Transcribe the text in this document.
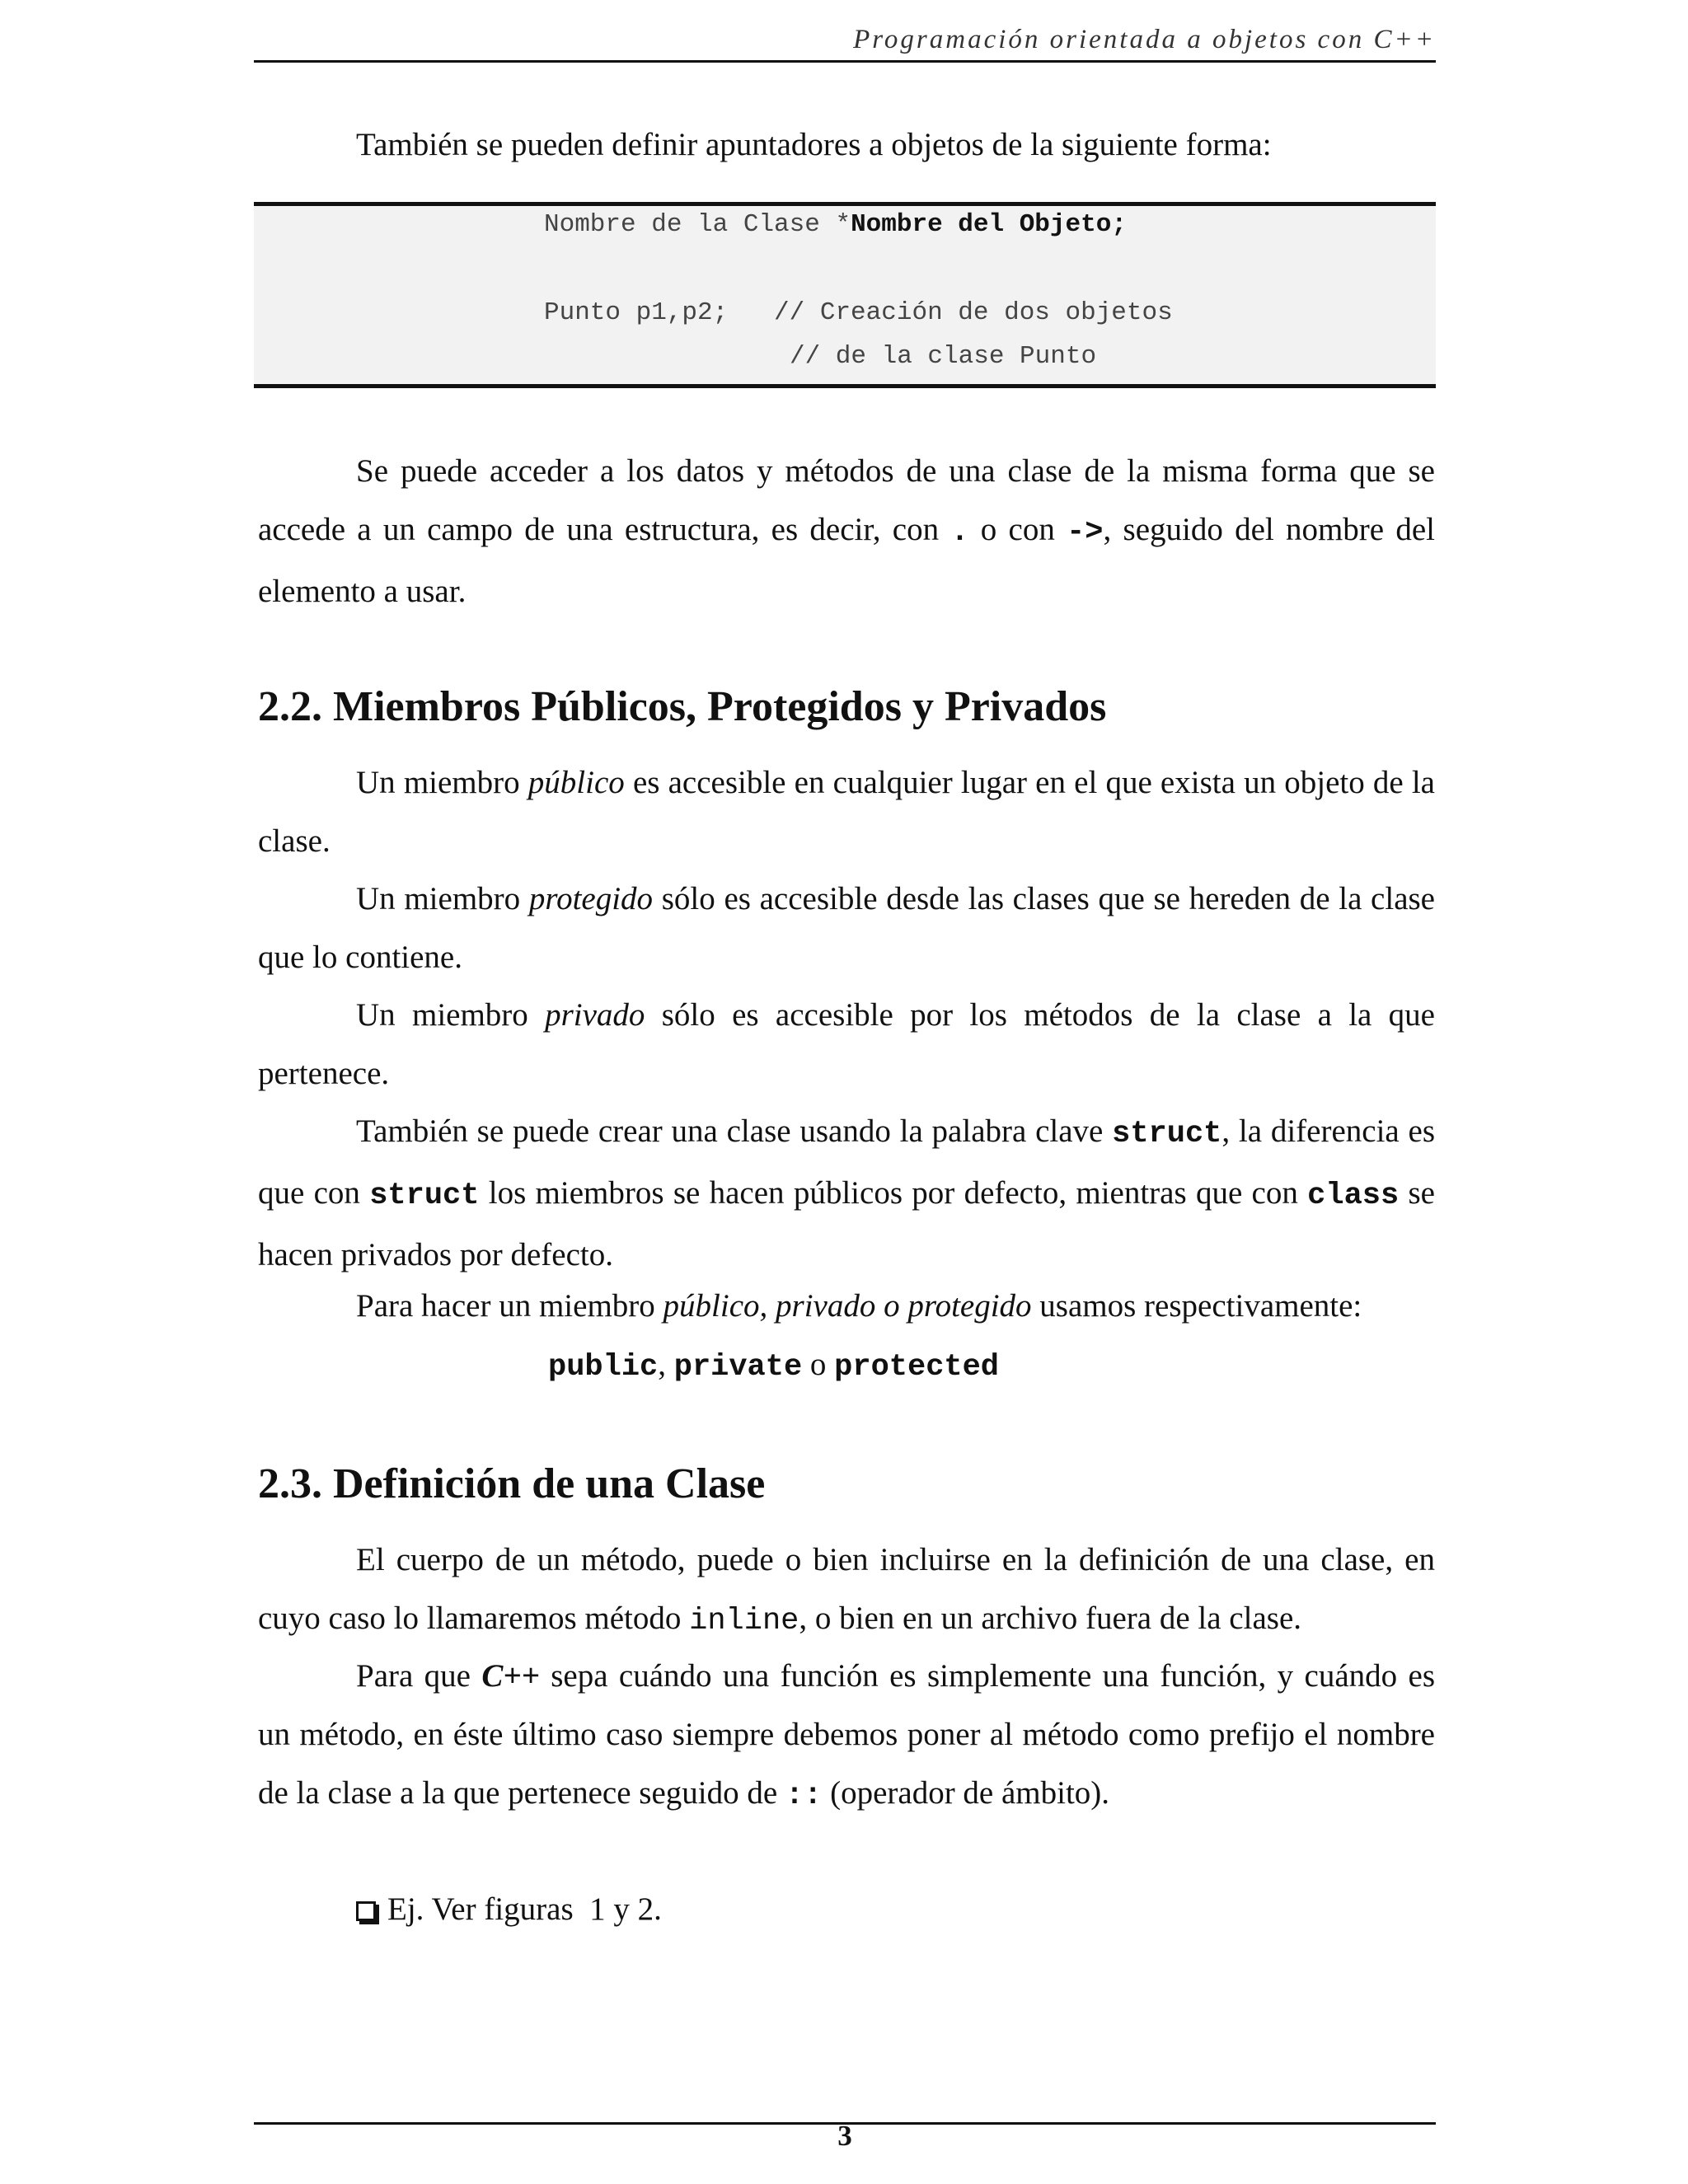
Programación orientada a objetos con C++

También se pueden definir apuntadores a objetos de la siguiente forma:

Nombre de la Clase *Nombre del Objeto;
Punto p1,p2;   // Creación de dos objetos
// de la clase Punto

Se puede acceder a los datos y métodos de una clase de la misma forma que se accede a un campo de una estructura, es decir, con . o con ->, seguido del nombre del elemento a usar.

2.2. Miembros Públicos, Protegidos y Privados

Un miembro público es accesible en cualquier lugar en el que exista un objeto de la clase.

Un miembro protegido sólo es accesible desde las clases que se hereden de la clase que lo contiene.

Un miembro privado sólo es accesible por los métodos de la clase a la que pertenece.

También se puede crear una clase usando la palabra clave struct, la diferencia es que con struct los miembros se hacen públicos por defecto, mientras que con class se hacen privados por defecto.

Para hacer un miembro público, privado o protegido usamos respectivamente:

public, private o protected

2.3. Definición de una Clase

El cuerpo de un método, puede o bien incluirse en la definición de una clase, en cuyo caso lo llamaremos método inline, o bien en un archivo fuera de la clase.

Para que C++ sepa cuándo una función es simplemente una función, y cuándo es un método, en éste último caso siempre debemos poner al método como prefijo el nombre de la clase a la que pertenece seguido de :: (operador de ámbito).

Ej. Ver figuras  1 y 2.

3
